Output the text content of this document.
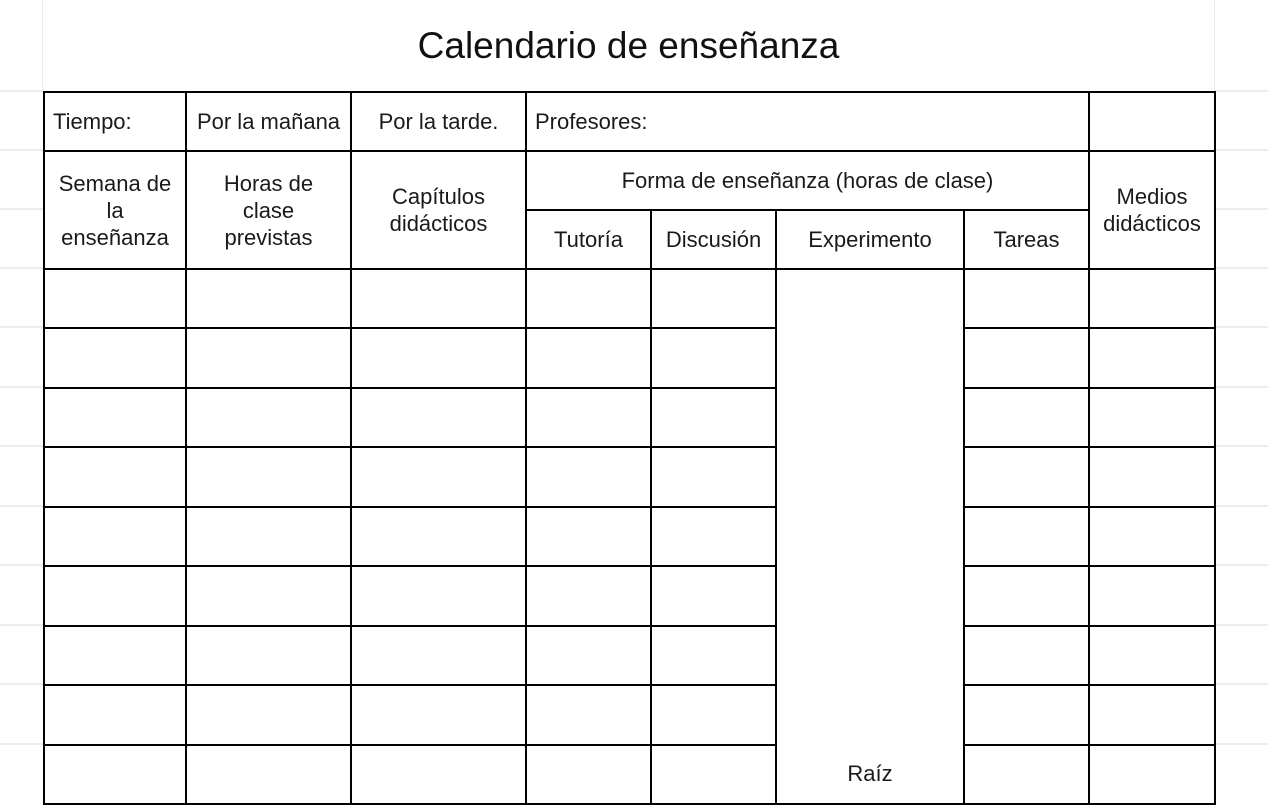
Calendario de enseñanza
Tiempo:	Por la mañana	Por la tarde.	Profesores:				
Semana de la enseñanza	Horas de clase previstas	Capítulos didácticos	Forma de enseñanza (horas de clase)				Medios didácticos
			Tutoría	Discusión	Experimento	Tareas	
					Raíz		
